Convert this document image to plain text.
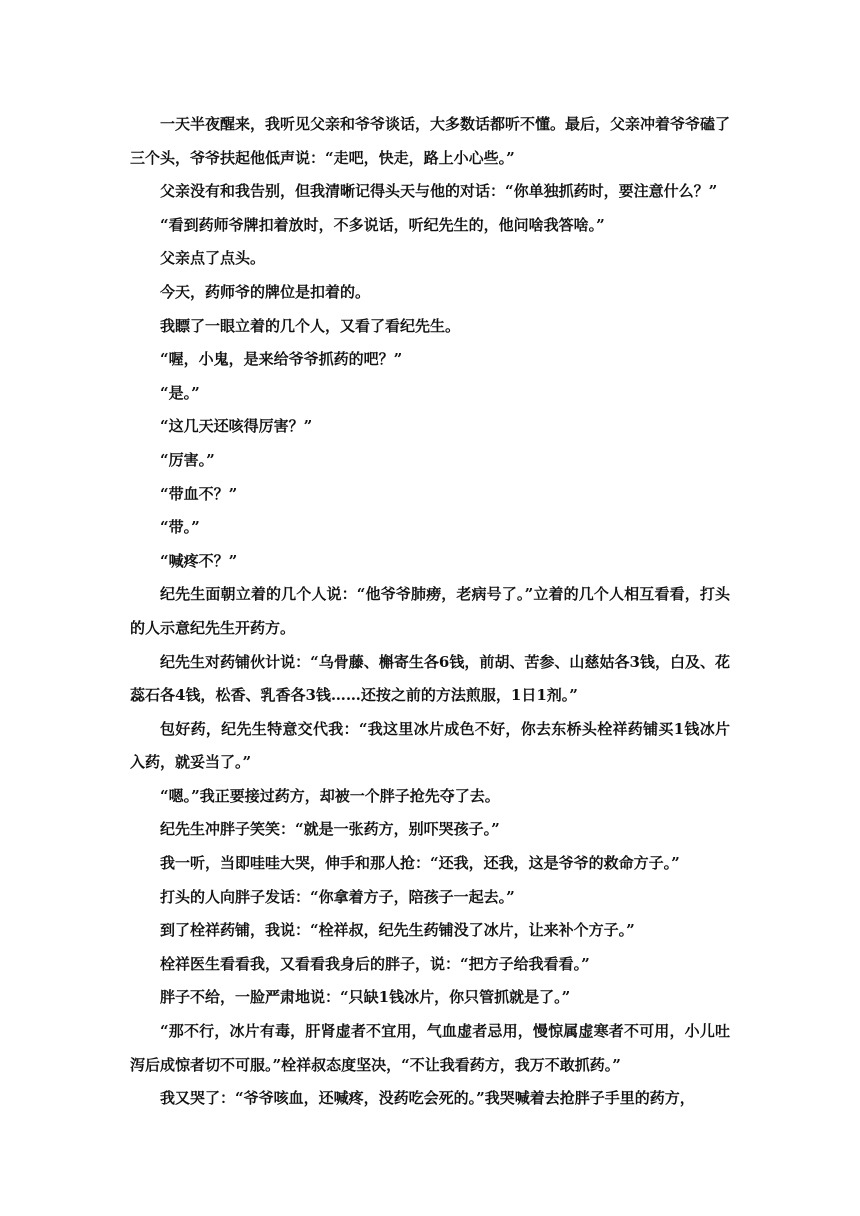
一天半夜醒来，我听见父亲和爷爷谈话，大多数话都听不懂。最后，父亲冲着爷爷磕了三个头，爷爷扶起他低声说：“走吧，快走，路上小心些。”

父亲没有和我告别，但我清晰记得头天与他的对话：“你单独抓药时，要注意什么？”

“看到药师爷牌扣着放时，不多说话，听纪先生的，他问啥我答啥。”

父亲点了点头。

今天，药师爷的牌位是扣着的。

我瞟了一眼立着的几个人，又看了看纪先生。

“喔，小鬼，是来给爷爷抓药的吧？”

“是。”

“这几天还咳得厉害？”

“厉害。”

“带血不？”

“带。”

“喊疼不？”

纪先生面朝立着的几个人说：“他爷爷肺痨，老病号了。”立着的几个人相互看看，打头的人示意纪先生开药方。

纪先生对药铺伙计说：“乌骨藤、槲寄生各6钱，前胡、苦参、山慈姑各3钱，白及、花蕊石各4钱，松香、乳香各3钱……还按之前的方法煎服，1日1剂。”

包好药，纪先生特意交代我：“我这里冰片成色不好，你去东桥头栓祥药铺买1钱冰片入药，就妥当了。”

“嗯。”我正要接过药方，却被一个胖子抢先夺了去。

纪先生冲胖子笑笑：“就是一张药方，别吓哭孩子。”

我一听，当即哇哇大哭，伸手和那人抢：“还我，还我，这是爷爷的救命方子。”

打头的人向胖子发话：“你拿着方子，陪孩子一起去。”

到了栓祥药铺，我说：“栓祥叔，纪先生药铺没了冰片，让来补个方子。”

栓祥医生看看我，又看看我身后的胖子，说：“把方子给我看看。”

胖子不给，一脸严肃地说：“只缺1钱冰片，你只管抓就是了。”

“那不行，冰片有毒，肝肾虚者不宜用，气血虚者忌用，慢惊属虚寒者不可用，小儿吐泻后成惊者切不可服。”栓祥叔态度坚决，“不让我看药方，我万不敢抓药。”

我又哭了：“爷爷咳血，还喊疼，没药吃会死的。”我哭喊着去抢胖子手里的药方，
